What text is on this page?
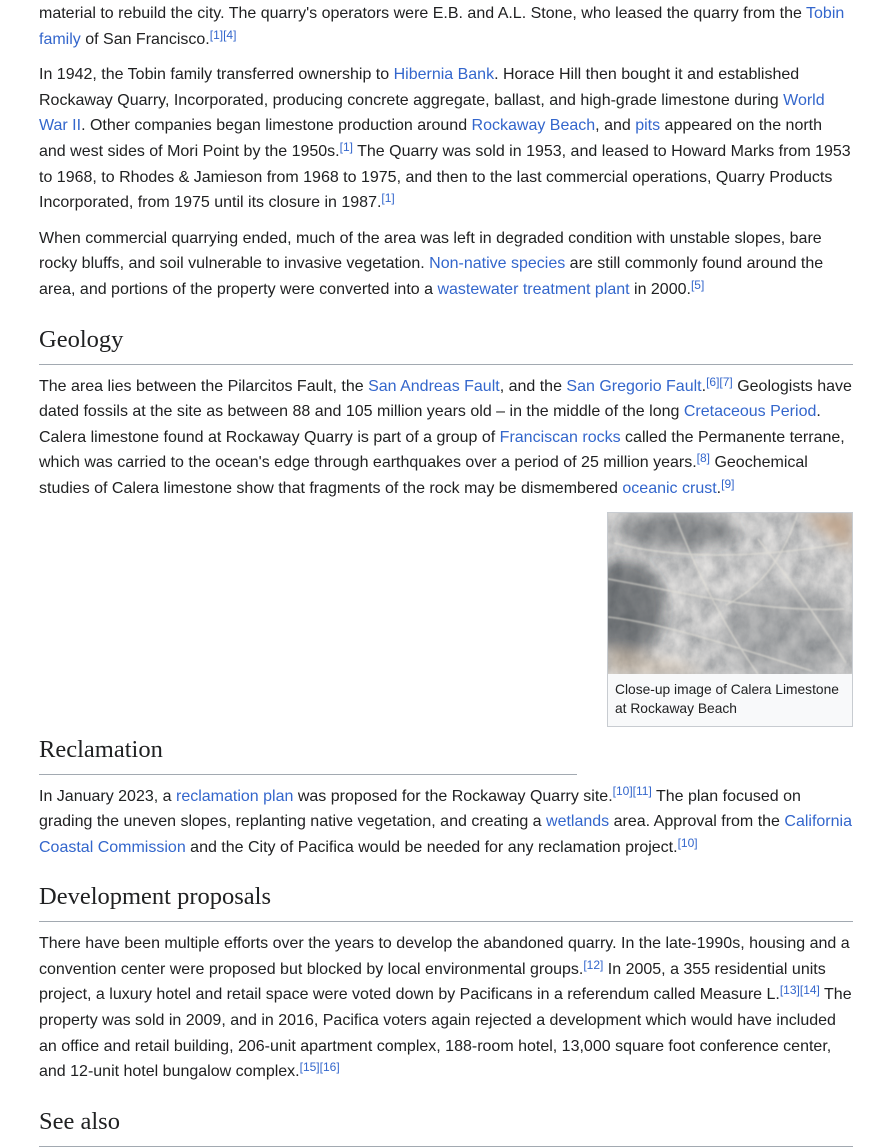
material to rebuild the city. The quarry's operators were E.B. and A.L. Stone, who leased the quarry from the Tobin family of San Francisco.[1][4]

In 1942, the Tobin family transferred ownership to Hibernia Bank. Horace Hill then bought it and established Rockaway Quarry, Incorporated, producing concrete aggregate, ballast, and high-grade limestone during World War II. Other companies began limestone production around Rockaway Beach, and pits appeared on the north and west sides of Mori Point by the 1950s.[1] The Quarry was sold in 1953, and leased to Howard Marks from 1953 to 1968, to Rhodes & Jamieson from 1968 to 1975, and then to the last commercial operations, Quarry Products Incorporated, from 1975 until its closure in 1987.[1]

When commercial quarrying ended, much of the area was left in degraded condition with unstable slopes, bare rocky bluffs, and soil vulnerable to invasive vegetation. Non-native species are still commonly found around the area, and portions of the property were converted into a wastewater treatment plant in 2000.[5]

Geology

The area lies between the Pilarcitos Fault, the San Andreas Fault, and the San Gregorio Fault.[6][7] Geologists have dated fossils at the site as between 88 and 105 million years old – in the middle of the long Cretaceous Period. Calera limestone found at Rockaway Quarry is part of a group of Franciscan rocks called the Permanente terrane, which was carried to the ocean's edge through earthquakes over a period of 25 million years.[8] Geochemical studies of Calera limestone show that fragments of the rock may be dismembered oceanic crust.[9]

Close-up image of Calera Limestone at Rockaway Beach

Reclamation

In January 2023, a reclamation plan was proposed for the Rockaway Quarry site.[10][11] The plan focused on grading the uneven slopes, replanting native vegetation, and creating a wetlands area. Approval from the California Coastal Commission and the City of Pacifica would be needed for any reclamation project.[10]

Development proposals

There have been multiple efforts over the years to develop the abandoned quarry. In the late-1990s, housing and a convention center were proposed but blocked by local environmental groups.[12] In 2005, a 355 residential units project, a luxury hotel and retail space were voted down by Pacificans in a referendum called Measure L.[13][14] The property was sold in 2009, and in 2016, Pacifica voters again rejected a development which would have included an office and retail building, 206-unit apartment complex, 188-room hotel, 13,000 square foot conference center, and 12-unit hotel bungalow complex.[15][16]

See also
